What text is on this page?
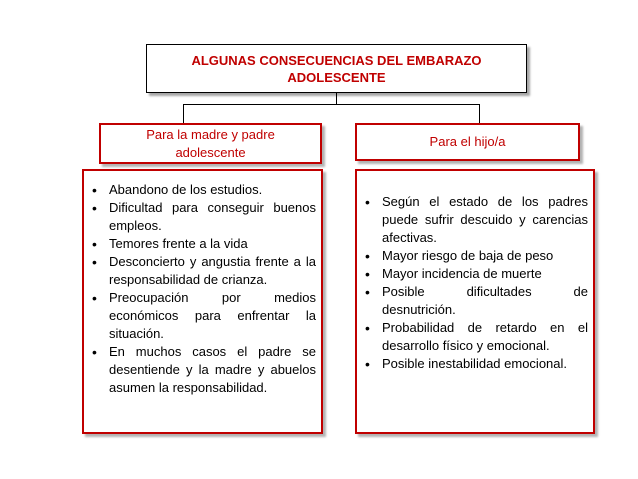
ALGUNAS CONSECUENCIAS DEL EMBARAZO
ADOLESCENTE
Para la madre y padre
adolescente
Para el hijo/a
• Abandono de los estudios.
• Dificultad para conseguir buenos empleos.
• Temores frente a la vida
• Desconcierto y angustia frente a la responsabilidad de crianza.
• Preocupación por medios económicos para enfrentar la situación.
• En muchos casos el padre se desentiende y la madre y abuelos asumen la responsabilidad.
• Según el estado de los padres puede sufrir descuido y carencias afectivas.
• Mayor riesgo de baja de peso
• Mayor incidencia de muerte
• Posible dificultades de desnutrición.
• Probabilidad de retardo en el desarrollo físico y emocional.
• Posible inestabilidad emocional.
